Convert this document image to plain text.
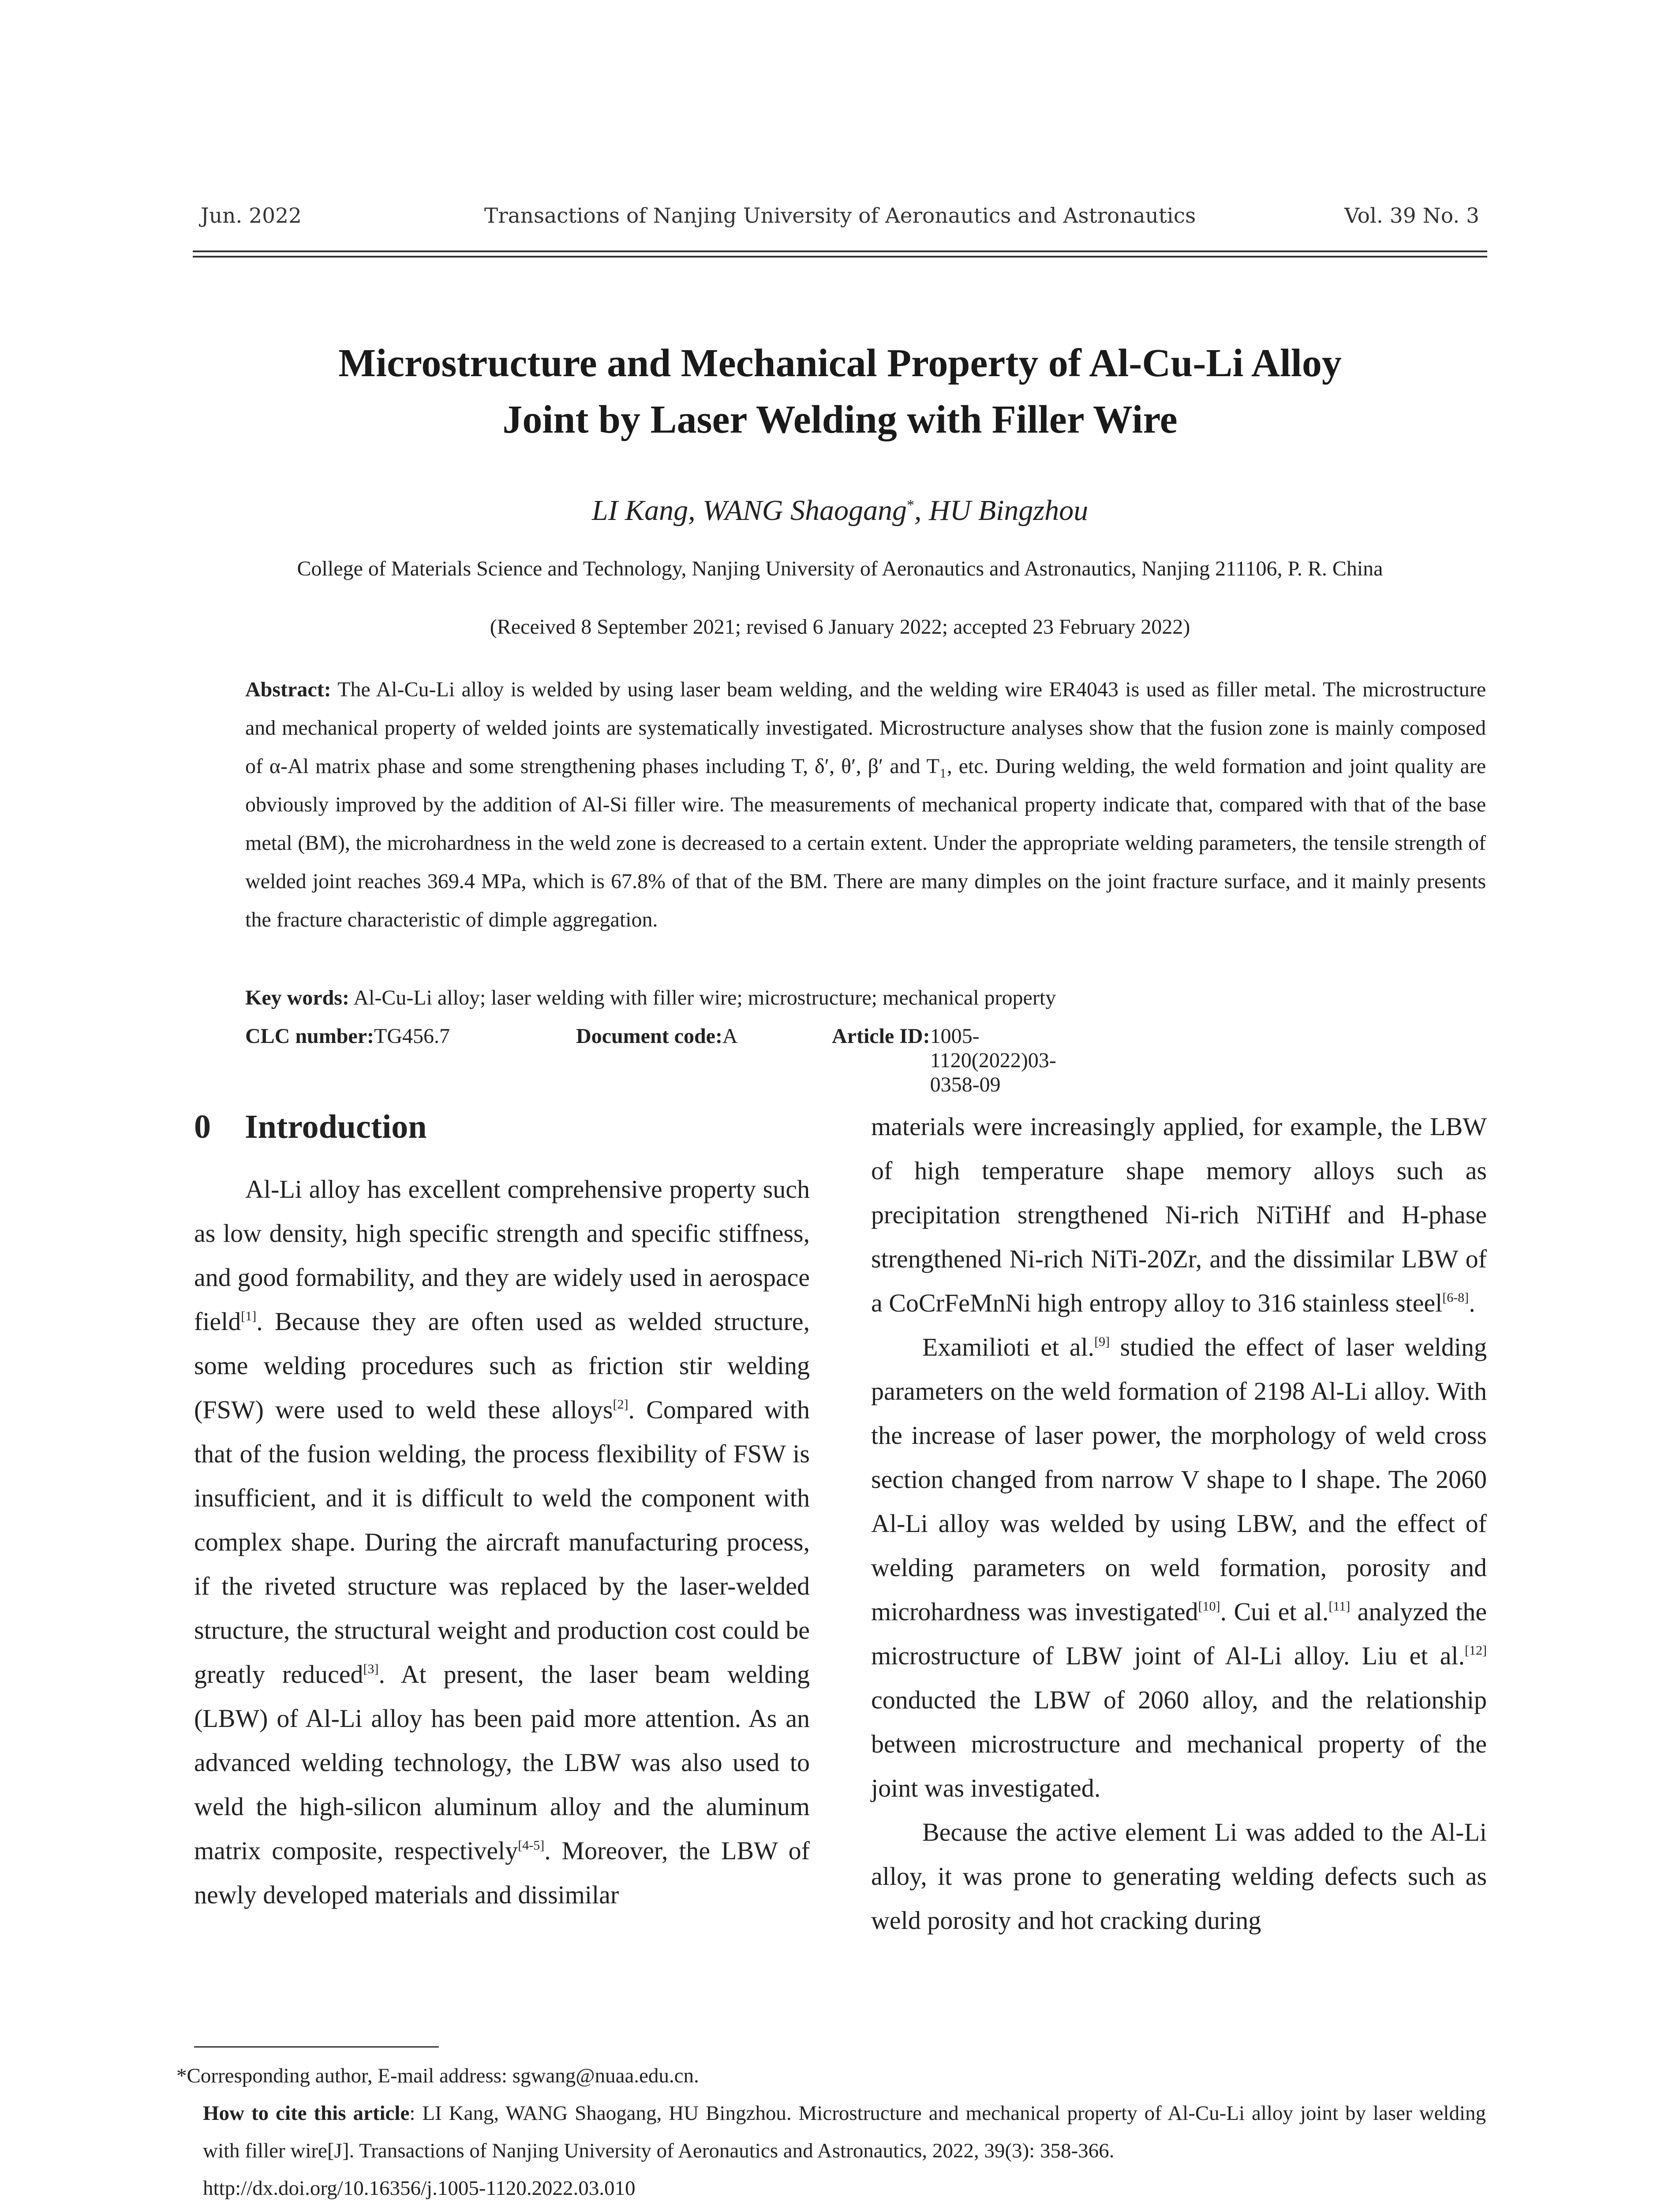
Jun. 2022	Transactions of Nanjing University of Aeronautics and Astronautics	Vol. 39 No. 3
Microstructure and Mechanical Property of Al-Cu-Li Alloy
Joint by Laser Welding with Filler Wire
LI Kang, WANG Shaogang*, HU Bingzhou
College of Materials Science and Technology, Nanjing University of Aeronautics and Astronautics, Nanjing 211106, P. R. China
(Received 8 September 2021; revised 6 January 2022; accepted 23 February 2022)
Abstract: The Al-Cu-Li alloy is welded by using laser beam welding, and the welding wire ER4043 is used as filler metal. The microstructure and mechanical property of welded joints are systematically investigated. Microstructure analyses show that the fusion zone is mainly composed of α-Al matrix phase and some strengthening phases including T, δ′, θ′, β′ and T₁, etc. During welding, the weld formation and joint quality are obviously improved by the addition of Al-Si filler wire. The measurements of mechanical property indicate that, compared with that of the base metal (BM), the microhardness in the weld zone is decreased to a certain extent. Under the appropriate welding parameters, the tensile strength of welded joint reaches 369.4 MPa, which is 67.8% of that of the BM. There are many dimples on the joint fracture surface, and it mainly presents the fracture characteristic of dimple aggregation.
Key words: Al-Cu-Li alloy; laser welding with filler wire; microstructure; mechanical property
CLC number: TG456.7	Document code: A	Article ID: 1005-1120(2022)03-0358-09
0 Introduction

Al-Li alloy has excellent comprehensive property such as low density, high specific strength and specific stiffness, and good formability, and they are widely used in aerospace field[1]. Because they are often used as welded structure, some welding procedures such as friction stir welding (FSW) were used to weld these alloys[2]. Compared with that of the fusion welding, the process flexibility of FSW is insufficient, and it is difficult to weld the component with complex shape. During the aircraft manufacturing process, if the riveted structure was replaced by the laser-welded structure, the structural weight and production cost could be greatly reduced[3]. At present, the laser beam welding (LBW) of Al-Li alloy has been paid more attention. As an advanced welding technology, the LBW was also used to weld the high-silicon aluminum alloy and the aluminum matrix composite, respectively[4-5]. Moreover, the LBW of newly developed materials and dissimilar

materials were increasingly applied, for example, the LBW of high temperature shape memory alloys such as precipitation strengthened Ni-rich NiTiHf and H-phase strengthened Ni-rich NiTi-20Zr, and the dissimilar LBW of a CoCrFeMnNi high entropy alloy to 316 stainless steel[6-8].

Examilioti et al.[9] studied the effect of laser welding parameters on the weld formation of 2198 Al-Li alloy. With the increase of laser power, the morphology of weld cross section changed from narrow V shape to Ⅰ shape. The 2060 Al-Li alloy was welded by using LBW, and the effect of welding parameters on weld formation, porosity and microhardness was investigated[10]. Cui et al.[11] analyzed the microstructure of LBW joint of Al-Li alloy. Liu et al.[12] conducted the LBW of 2060 alloy, and the relationship between microstructure and mechanical property of the joint was investigated.

Because the active element Li was added to the Al-Li alloy, it was prone to generating welding defects such as weld porosity and hot cracking during

*Corresponding author, E-mail address: sgwang@nuaa.edu.cn.

How to cite this article: LI Kang, WANG Shaogang, HU Bingzhou. Microstructure and mechanical property of Al-Cu-Li alloy joint by laser welding with filler wire[J]. Transactions of Nanjing University of Aeronautics and Astronautics, 2022, 39(3): 358-366.

http://dx.doi.org/10.16356/j.1005-1120.2022.03.010
